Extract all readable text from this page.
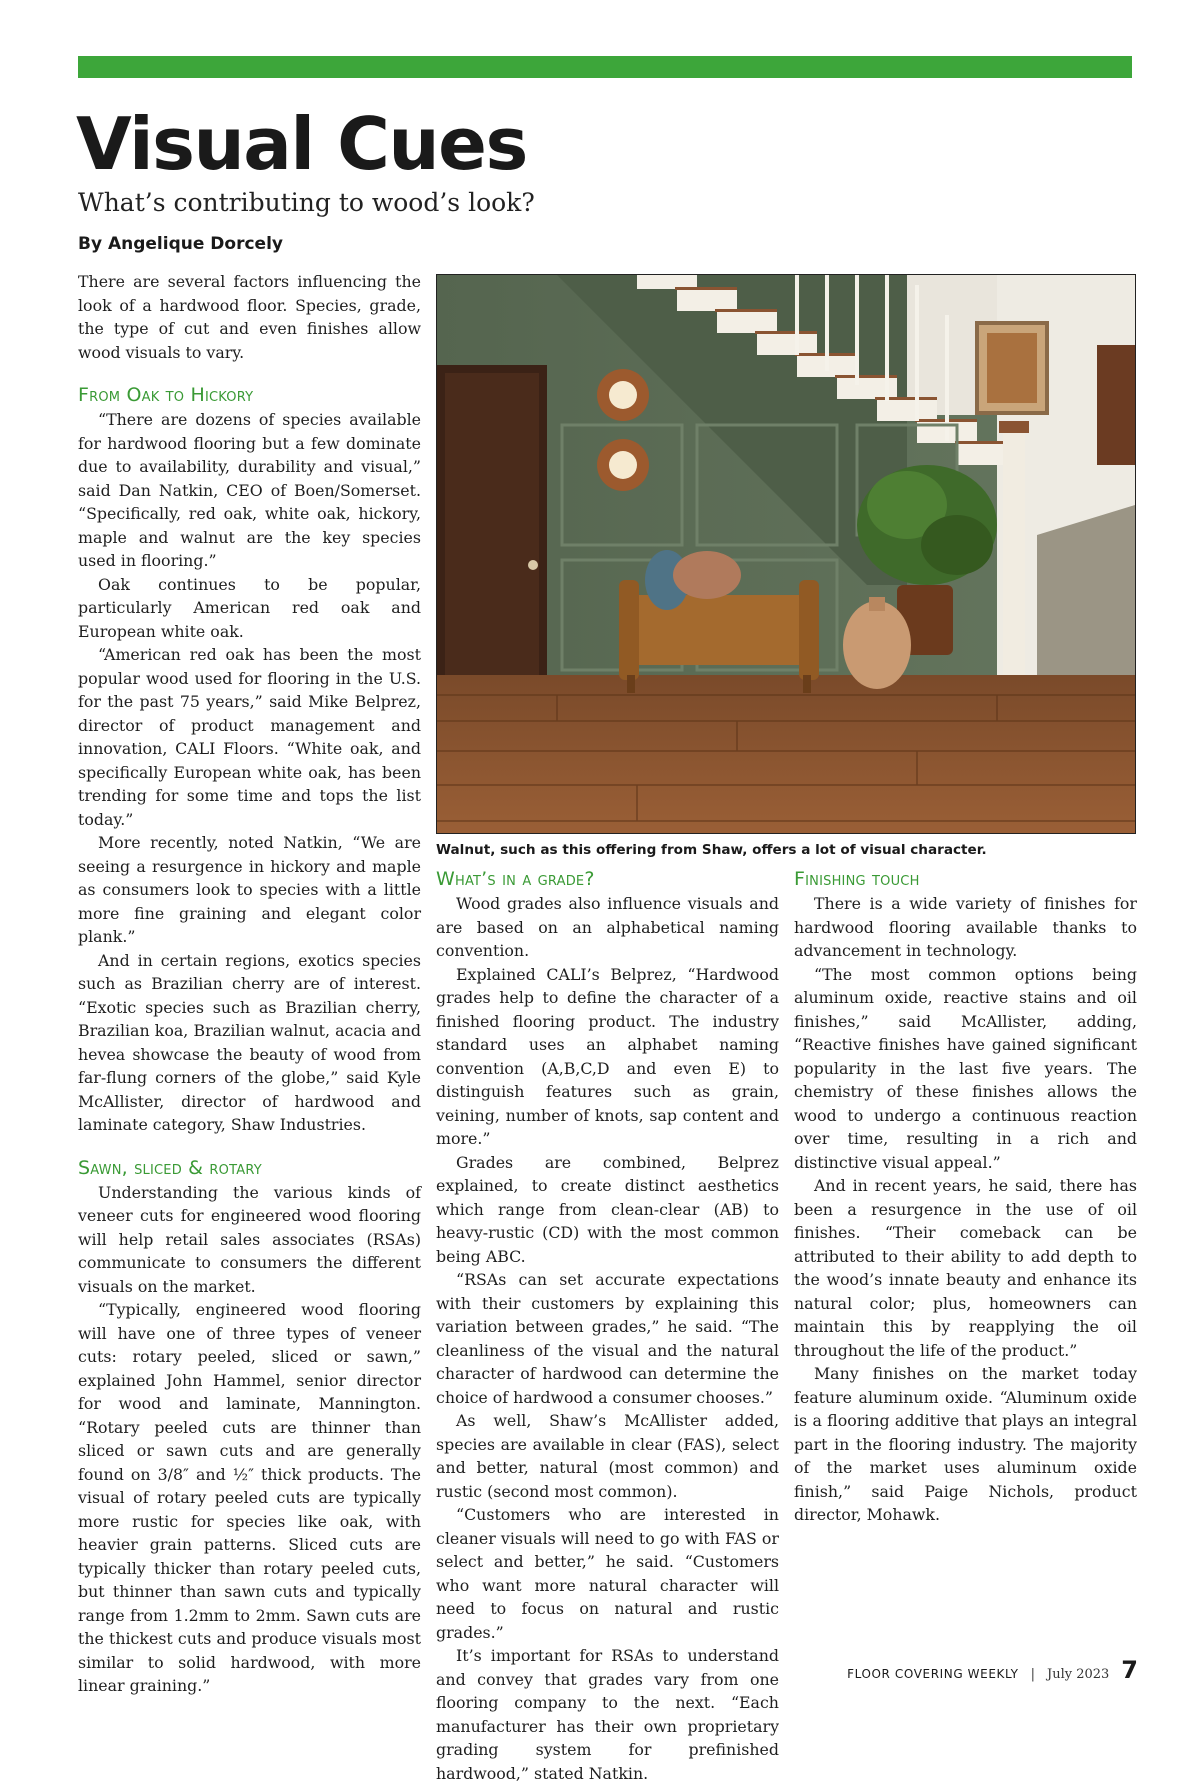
Visual Cues
What’s contributing to wood’s look?
By Angelique Dorcely

There are several factors influencing the look of a hardwood floor. Species, grade, the type of cut and even finishes allow wood visuals to vary.

From Oak to Hickory

“There are dozens of species available for hardwood flooring but a few dominate due to availability, durability and visual,” said Dan Natkin, CEO of Boen/Somerset. “Specifically, red oak, white oak, hickory, maple and walnut are the key species used in flooring.”

Oak continues to be popular, particularly American red oak and European white oak.

“American red oak has been the most popular wood used for flooring in the U.S. for the past 75 years,” said Mike Belprez, director of product management and innovation, CALI Floors. “White oak, and specifically European white oak, has been trending for some time and tops the list today.”

More recently, noted Natkin, “We are seeing a resurgence in hickory and maple as consumers look to species with a little more fine graining and elegant color plank.”

And in certain regions, exotics species such as Brazilian cherry are of interest. “Exotic species such as Brazilian cherry, Brazilian koa, Brazilian walnut, acacia and hevea showcase the beauty of wood from far-flung corners of the globe,” said Kyle McAllister, director of hardwood and laminate category, Shaw Industries.

Sawn, sliced & rotary

Understanding the various kinds of veneer cuts for engineered wood flooring will help retail sales associates (RSAs) communicate to consumers the different visuals on the market.

“Typically, engineered wood flooring will have one of three types of veneer cuts: rotary peeled, sliced or sawn,” explained John Hammel, senior director for wood and laminate, Mannington. “Rotary peeled cuts are thinner than sliced or sawn cuts and are generally found on 3/8″ and ½″ thick products. The visual of rotary peeled cuts are typically more rustic for species like oak, with heavier grain patterns. Sliced cuts are typically thicker than rotary peeled cuts, but thinner than sawn cuts and typically range from 1.2mm to 2mm. Sawn cuts are the thickest cuts and produce visuals most similar to solid hardwood, with more linear graining.”

Walnut, such as this offering from Shaw, offers a lot of visual character.
What’s in a grade?

Wood grades also influence visuals and are based on an alphabetical naming convention.

Explained CALI’s Belprez, “Hardwood grades help to define the character of a finished flooring product. The industry standard uses an alphabet naming convention (A,B,C,D and even E) to distinguish features such as grain, veining, number of knots, sap content and more.”

Grades are combined, Belprez explained, to create distinct aesthetics which range from clean-clear (AB) to heavy-rustic (CD) with the most common being ABC.

“RSAs can set accurate expectations with their customers by explaining this variation between grades,” he said. “The cleanliness of the visual and the natural character of hardwood can determine the choice of hardwood a consumer chooses.”

As well, Shaw’s McAllister added, species are available in clear (FAS), select and better, natural (most common) and rustic (second most common).

“Customers who are interested in cleaner visuals will need to go with FAS or select and better,” he said. “Customers who want more natural character will need to focus on natural and rustic grades.”

It’s important for RSAs to understand and convey that grades vary from one flooring company to the next. “Each manufacturer has their own proprietary grading system for prefinished hardwood,” stated Natkin.

Finishing touch

There is a wide variety of finishes for hardwood flooring available thanks to advancement in technology.

“The most common options being aluminum oxide, reactive stains and oil finishes,” said McAllister, adding, “Reactive finishes have gained significant popularity in the last five years. The chemistry of these finishes allows the wood to undergo a continuous reaction over time, resulting in a rich and distinctive visual appeal.”

And in recent years, he said, there has been a resurgence in the use of oil finishes. “Their comeback can be attributed to their ability to add depth to the wood’s innate beauty and enhance its natural color; plus, homeowners can maintain this by reapplying the oil throughout the life of the product.”

Many finishes on the market today feature aluminum oxide. “Aluminum oxide is a flooring additive that plays an integral part in the flooring industry. The majority of the market uses aluminum oxide finish,” said Paige Nichols, product director, Mohawk.

FLOOR COVERING WEEKLY | July 2023 7
